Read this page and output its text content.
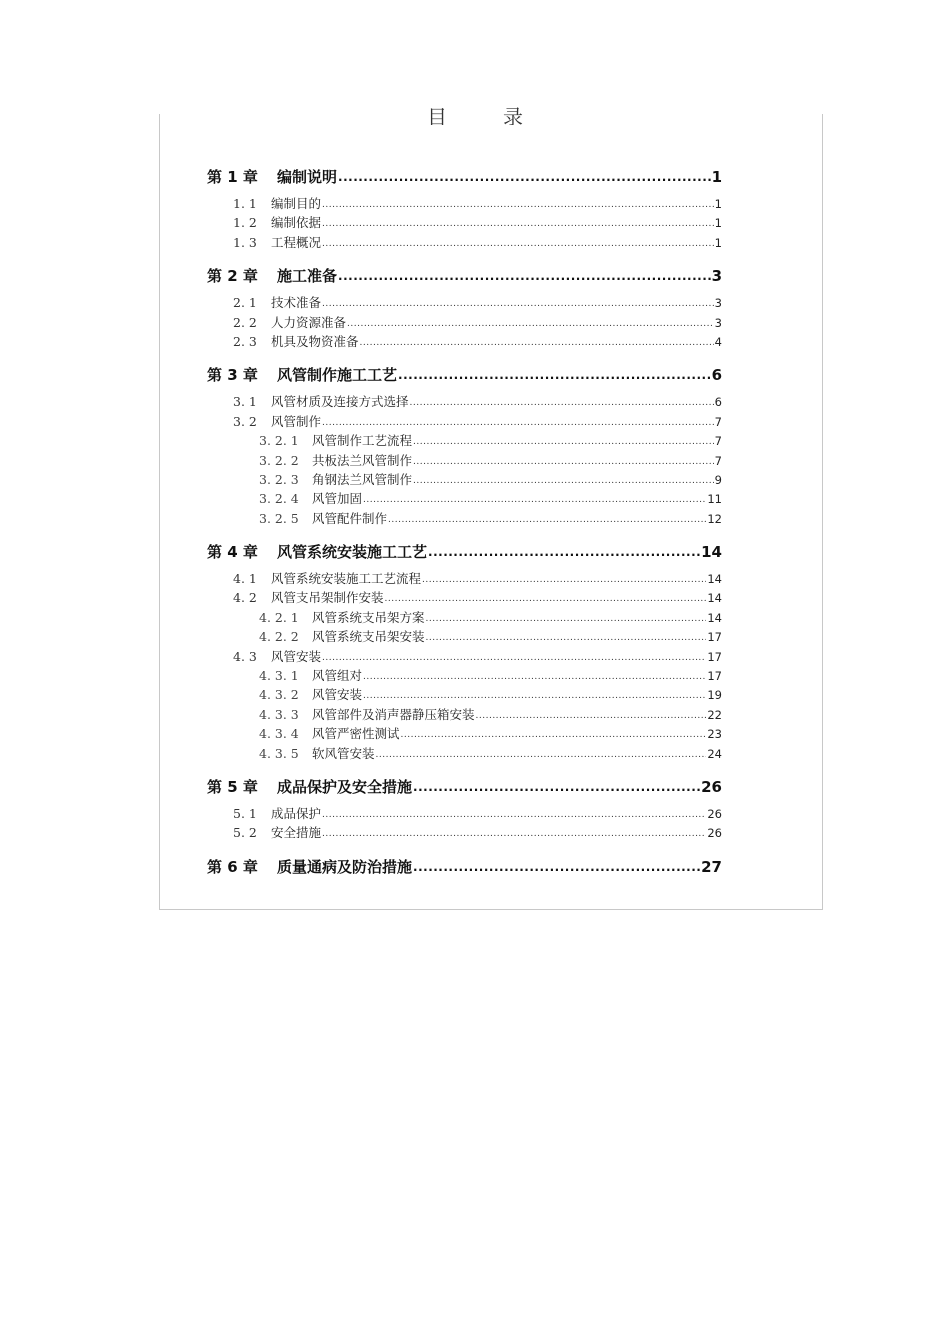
目　录
第 1 章	编制说明 .....	1
1. 1	编制目的 .....	1
1. 2	编制依据 .....	1
1. 3	工程概况 .....	1
第 2 章	施工准备 .....	3
2. 1	技术准备 .....	3
2. 2	人力资源准备 .....	3
2. 3	机具及物资准备 .....	4
第 3 章	风管制作施工工艺 .....	6
3. 1	风管材质及连接方式选择 .....	6
3. 2	风管制作 .....	7
3. 2. 1	风管制作工艺流程 .....	7
3. 2. 2	共板法兰风管制作 .....	7
3. 2. 3	角钢法兰风管制作 .....	9
3. 2. 4	风管加固 .....	11
3. 2. 5	风管配件制作 .....	12
第 4 章	风管系统安装施工工艺 .....	14
4. 1	风管系统安装施工工艺流程 .....	14
4. 2	风管支吊架制作安装 .....	14
4. 2. 1	风管系统支吊架方案 .....	14
4. 2. 2	风管系统支吊架安装 .....	17
4. 3	风管安装 .....	17
4. 3. 1	风管组对 .....	17
4. 3. 2	风管安装 .....	19
4. 3. 3	风管部件及消声器静压箱安装 .....	22
4. 3. 4	风管严密性测试 .....	23
4. 3. 5	软风管安装 .....	24
第 5 章	成品保护及安全措施 .....	26
5. 1	成品保护 .....	26
5. 2	安全措施 .....	26
第 6 章	质量通病及防治措施 .....	27
